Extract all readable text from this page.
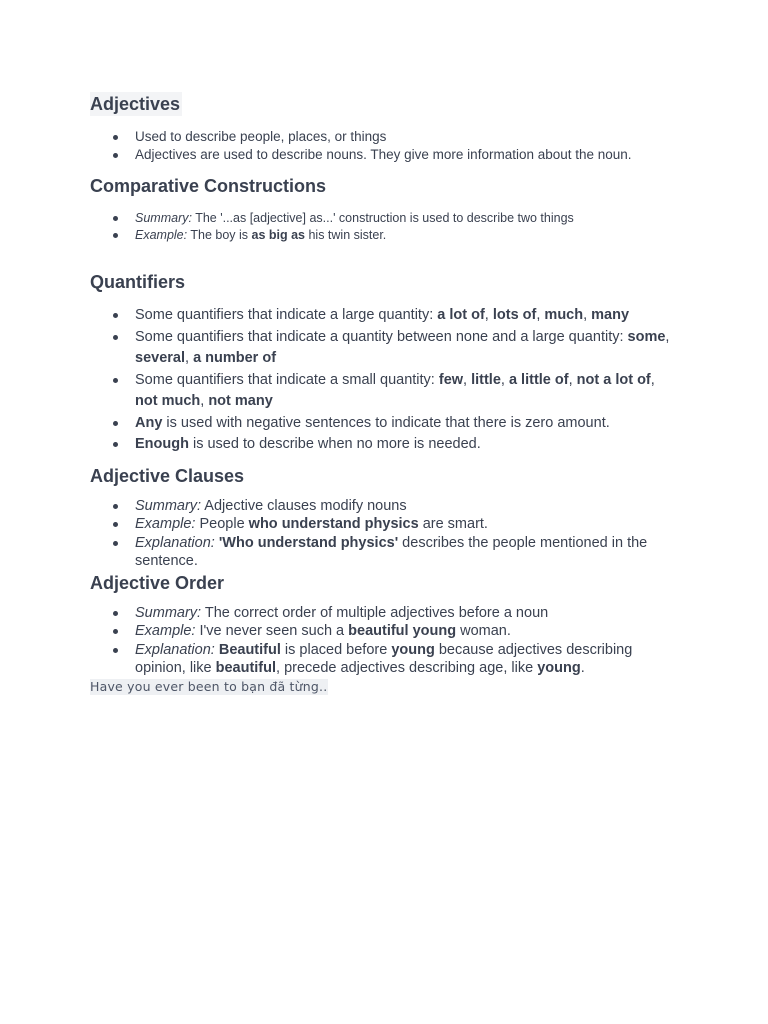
Adjectives
Used to describe people, places, or things
Adjectives are used to describe nouns. They give more information about the noun.
Comparative Constructions
Summary: The '...as [adjective] as...' construction is used to describe two things
Example: The boy is as big as his twin sister.
Quantifiers
Some quantifiers that indicate a large quantity: a lot of, lots of, much, many
Some quantifiers that indicate a quantity between none and a large quantity: some, several, a number of
Some quantifiers that indicate a small quantity: few, little, a little of, not a lot of, not much, not many
Any is used with negative sentences to indicate that there is zero amount.
Enough is used to describe when no more is needed.
Adjective Clauses
Summary: Adjective clauses modify nouns
Example: People who understand physics are smart.
Explanation: 'Who understand physics' describes the people mentioned in the sentence.
Adjective Order
Summary: The correct order of multiple adjectives before a noun
Example: I've never seen such a beautiful young woman.
Explanation: Beautiful is placed before young because adjectives describing opinion, like beautiful, precede adjectives describing age, like young.
Have you ever been to bạn đã từng..
